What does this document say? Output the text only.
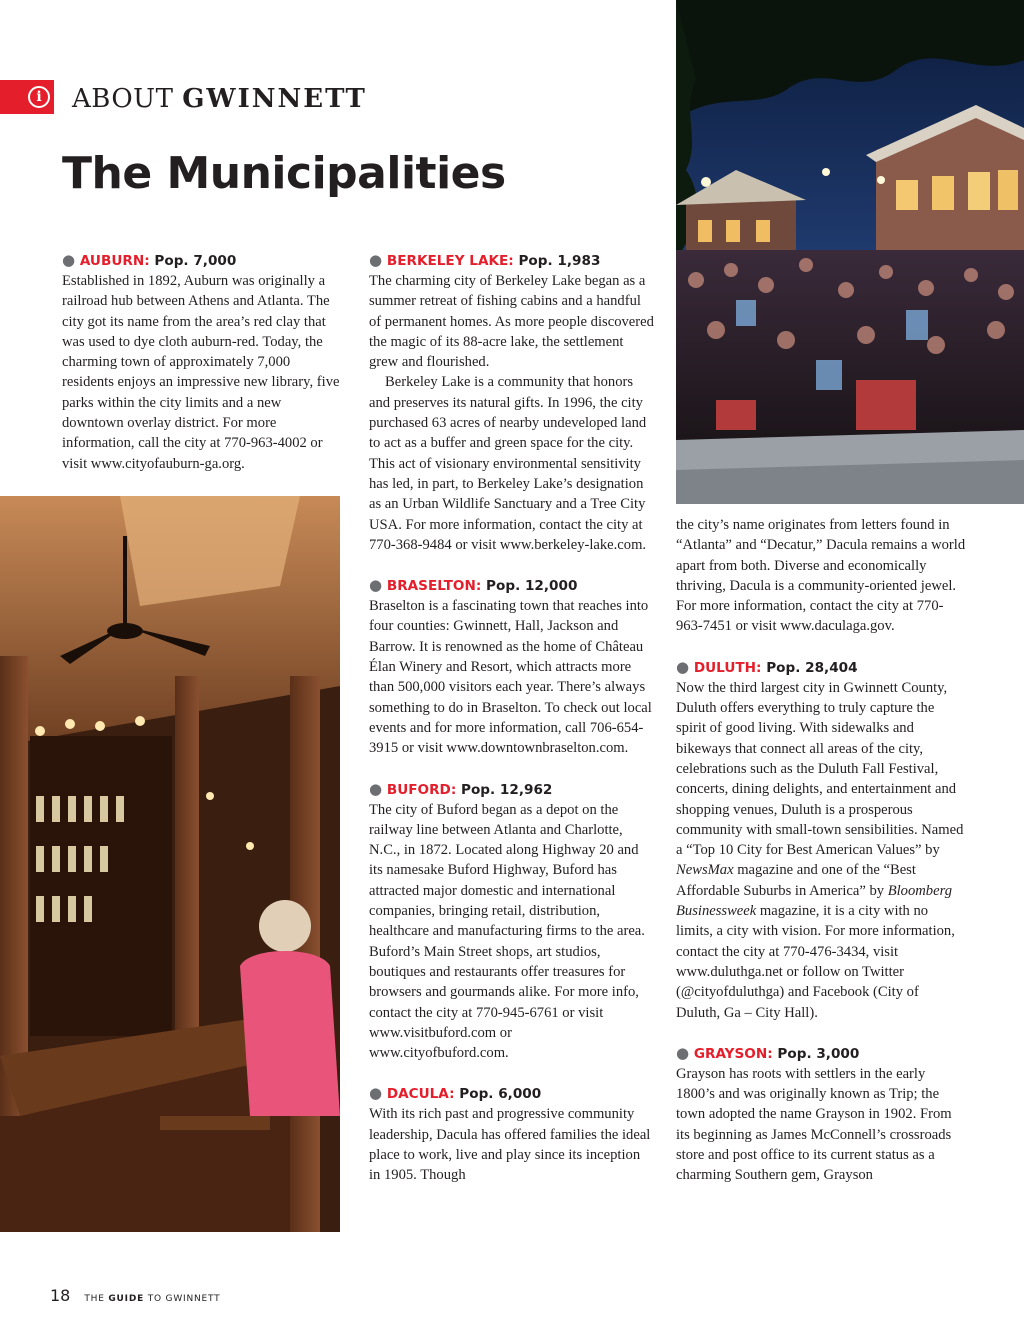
i	ABOUT GWINNETT
The Municipalities
● AUBURN: Pop. 7,000

Established in 1892, Auburn was originally a railroad hub between Athens and Atlanta. The city got its name from the area’s red clay that was used to dye cloth auburn-red. Today, the charming town of approximately 7,000 residents enjoys an impressive new library, five parks within the city limits and a new downtown overlay district. For more information, call the city at 770-963-4002 or visit www.cityofauburn-ga.org.

● BERKELEY LAKE: Pop. 1,983

The charming city of Berkeley Lake began as a summer retreat of fishing cabins and a handful of permanent homes. As more people discovered the magic of its 88-acre lake, the settlement grew and flourished.

Berkeley Lake is a community that honors and preserves its natural gifts. In 1996, the city purchased 63 acres of nearby undeveloped land to act as a buffer and green space for the city. This act of visionary environmental sensitivity has led, in part, to Berkeley Lake’s designation as an Urban Wildlife Sanctuary and a Tree City USA. For more information, contact the city at 770-368-9484 or visit www.berkeley-lake.com.

● BRASELTON: Pop. 12,000

Braselton is a fascinating town that reaches into four counties: Gwinnett, Hall, Jackson and Barrow. It is renowned as the home of Château Élan Winery and Resort, which attracts more than 500,000 visitors each year. There’s always something to do in Braselton. To check out local events and for more information, call 706-654-3915 or visit www.downtownbraselton.com.

● BUFORD: Pop. 12,962

The city of Buford began as a depot on the railway line between Atlanta and Charlotte, N.C., in 1872. Located along Highway 20 and its namesake Buford Highway, Buford has attracted major domestic and international companies, bringing retail, distribution, healthcare and manufacturing firms to the area. Buford’s Main Street shops, art studios, boutiques and restaurants offer treasures for browsers and gourmands alike. For more info, contact the city at 770-945-6761 or visit www.visitbuford.com or www.cityofbuford.com.

● DACULA: Pop. 6,000

With its rich past and progressive community leadership, Dacula has offered families the ideal place to work, live and play since its inception in 1905. Though

the city’s name originates from letters found in “Atlanta” and “Decatur,” Dacula remains a world apart from both. Diverse and economically thriving, Dacula is a community-oriented jewel. For more information, contact the city at 770-963-7451 or visit www.daculaga.gov.

● DULUTH: Pop. 28,404

Now the third largest city in Gwinnett County, Duluth offers everything to truly capture the spirit of good living. With sidewalks and bikeways that connect all areas of the city, celebrations such as the Duluth Fall Festival, concerts, dining delights, and entertainment and shopping venues, Duluth is a prosperous community with small-town sensibilities. Named a “Top 10 City for Best American Values” by NewsMax magazine and one of the “Best Affordable Suburbs in America” by Bloomberg Businessweek magazine, it is a city with no limits, a city with vision. For more information, contact the city at 770-476-3434, visit www.duluthga.net or follow on Twitter (@cityofduluthga) and Facebook (City of Duluth, Ga – City Hall).

● GRAYSON: Pop. 3,000

Grayson has roots with settlers in the early 1800’s and was originally known as Trip; the town adopted the name Grayson in 1902. From its beginning as James McConnell’s crossroads store and post office to its current status as a charming Southern gem, Grayson

18 THE GUIDE TO GWINNETT
